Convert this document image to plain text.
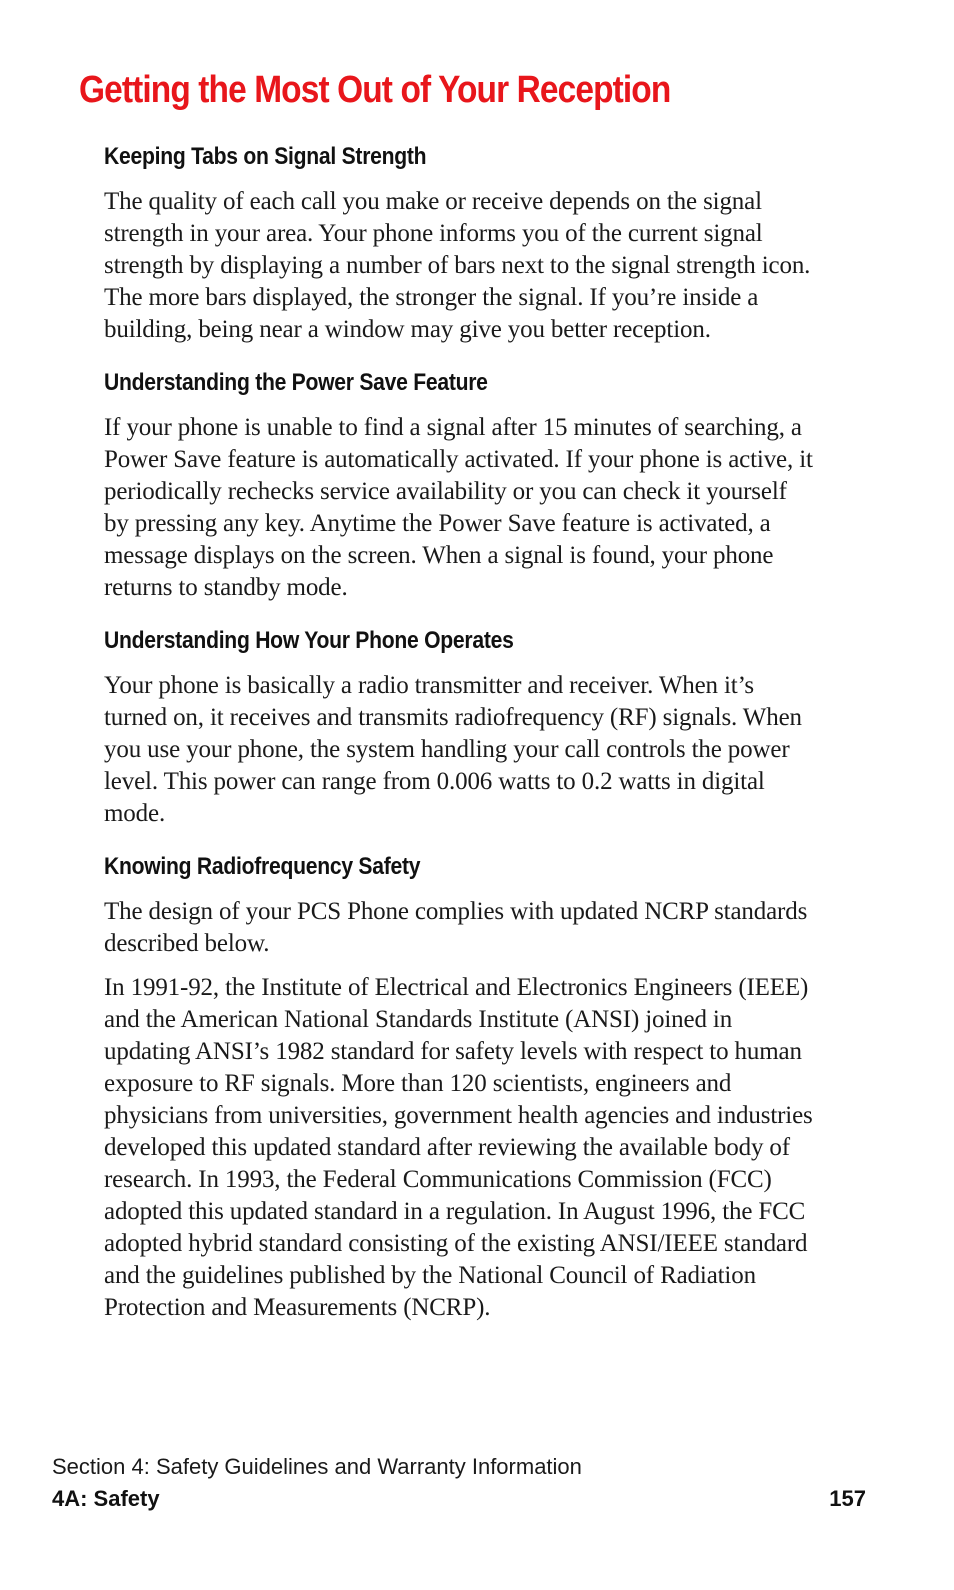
Getting the Most Out of Your Reception
Keeping Tabs on Signal Strength

The quality of each call you make or receive depends on the signal strength in your area. Your phone informs you of the current signal strength by displaying a number of bars next to the signal strength icon. The more bars displayed, the stronger the signal. If you’re inside a building, being near a window may give you better reception.

Understanding the Power Save Feature

If your phone is unable to find a signal after 15 minutes of searching, a Power Save feature is automatically activated. If your phone is active, it periodically rechecks service availability or you can check it yourself by pressing any key. Anytime the Power Save feature is activated, a message displays on the screen. When a signal is found, your phone returns to standby mode.

Understanding How Your Phone Operates

Your phone is basically a radio transmitter and receiver. When it’s turned on, it receives and transmits radiofrequency (RF) signals. When you use your phone, the system handling your call controls the power level. This power can range from 0.006 watts to 0.2 watts in digital mode.

Knowing Radiofrequency Safety

The design of your PCS Phone complies with updated NCRP standards described below.

In 1991-92, the Institute of Electrical and Electronics Engineers (IEEE) and the American National Standards Institute (ANSI) joined in updating ANSI’s 1982 standard for safety levels with respect to human exposure to RF signals. More than 120 scientists, engineers and physicians from universities, government health agencies and industries developed this updated standard after reviewing the available body of research. In 1993, the Federal Communications Commission (FCC) adopted this updated standard in a regulation. In August 1996, the FCC adopted hybrid standard consisting of the existing ANSI/IEEE standard and the guidelines published by the National Council of Radiation Protection and Measurements (NCRP).

Section 4: Safety Guidelines and Warranty Information

4A: Safety	157
